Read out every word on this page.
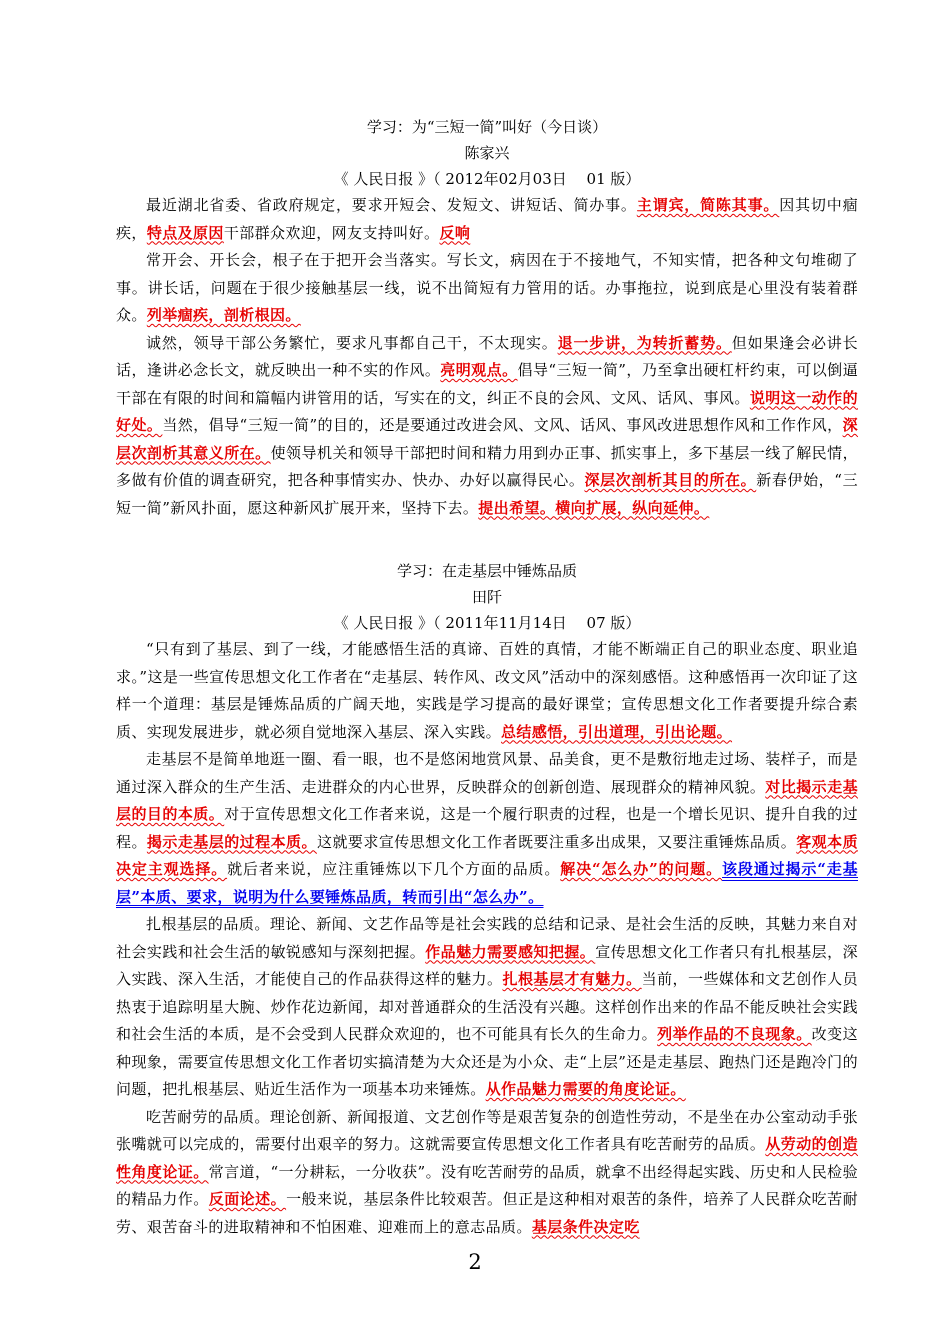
学习：为“三短一简”叫好（今日谈）

陈家兴

《 人民日报 》（ 2012年02月03日　 01 版）

最近湖北省委、省政府规定，要求开短会、发短文、讲短话、简办事。主谓宾，简陈其事。因其切中痼疾，特点及原因干部群众欢迎，网友支持叫好。反响

常开会、开长会，根子在于把开会当落实。写长文，病因在于不接地气，不知实情，把各种文句堆砌了事。讲长话，问题在于很少接触基层一线，说不出简短有力管用的话。办事拖拉，说到底是心里没有装着群众。列举痼疾，剖析根因。

诚然，领导干部公务繁忙，要求凡事都自己干，不太现实。退一步讲，为转折蓄势。但如果逢会必讲长话，逢讲必念长文，就反映出一种不实的作风。亮明观点。倡导“三短一简”，乃至拿出硬杠杆约束，可以倒逼干部在有限的时间和篇幅内讲管用的话，写实在的文，纠正不良的会风、文风、话风、事风。说明这一动作的好处。当然，倡导“三短一简”的目的，还是要通过改进会风、文风、话风、事风改进思想作风和工作作风，深层次剖析其意义所在。使领导机关和领导干部把时间和精力用到办正事、抓实事上，多下基层一线了解民情，多做有价值的调查研究，把各种事情实办、快办、办好以赢得民心。深层次剖析其目的所在。新春伊始，“三短一简”新风扑面，愿这种新风扩展开来，坚持下去。提出希望。横向扩展，纵向延伸。

学习：在走基层中锤炼品质

田阡

《 人民日报 》（ 2011年11月14日　 07 版）

“只有到了基层、到了一线，才能感悟生活的真谛、百姓的真情，才能不断端正自己的职业态度、职业追求。”这是一些宣传思想文化工作者在“走基层、转作风、改文风”活动中的深刻感悟。这种感悟再一次印证了这样一个道理：基层是锤炼品质的广阔天地，实践是学习提高的最好课堂；宣传思想文化工作者要提升综合素质、实现发展进步，就必须自觉地深入基层、深入实践。总结感悟，引出道理，引出论题。

走基层不是简单地逛一圈、看一眼，也不是悠闲地赏风景、品美食，更不是敷衍地走过场、装样子，而是通过深入群众的生产生活、走进群众的内心世界，反映群众的创新创造、展现群众的精神风貌。对比揭示走基层的目的本质。对于宣传思想文化工作者来说，这是一个履行职责的过程，也是一个增长见识、提升自我的过程。揭示走基层的过程本质。这就要求宣传思想文化工作者既要注重多出成果，又要注重锤炼品质。客观本质决定主观选择。就后者来说，应注重锤炼以下几个方面的品质。解决“怎么办”的问题。该段通过揭示“走基层”本质、要求，说明为什么要锤炼品质，转而引出“怎么办”。

扎根基层的品质。理论、新闻、文艺作品等是社会实践的总结和记录、是社会生活的反映，其魅力来自对社会实践和社会生活的敏锐感知与深刻把握。作品魅力需要感知把握。宣传思想文化工作者只有扎根基层，深入实践、深入生活，才能使自己的作品获得这样的魅力。扎根基层才有魅力。当前，一些媒体和文艺创作人员热衷于追踪明星大腕、炒作花边新闻，却对普通群众的生活没有兴趣。这样创作出来的作品不能反映社会实践和社会生活的本质，是不会受到人民群众欢迎的，也不可能具有长久的生命力。列举作品的不良现象。改变这种现象，需要宣传思想文化工作者切实搞清楚为大众还是为小众、走“上层”还是走基层、跑热门还是跑冷门的问题，把扎根基层、贴近生活作为一项基本功来锤炼。从作品魅力需要的角度论证。

吃苦耐劳的品质。理论创新、新闻报道、文艺创作等是艰苦复杂的创造性劳动，不是坐在办公室动动手张张嘴就可以完成的，需要付出艰辛的努力。这就需要宣传思想文化工作者具有吃苦耐劳的品质。从劳动的创造性角度论证。常言道，“一分耕耘，一分收获”。没有吃苦耐劳的品质，就拿不出经得起实践、历史和人民检验的精品力作。反面论述。一般来说，基层条件比较艰苦。但正是这种相对艰苦的条件，培养了人民群众吃苦耐劳、艰苦奋斗的进取精神和不怕困难、迎难而上的意志品质。基层条件决定吃

2
